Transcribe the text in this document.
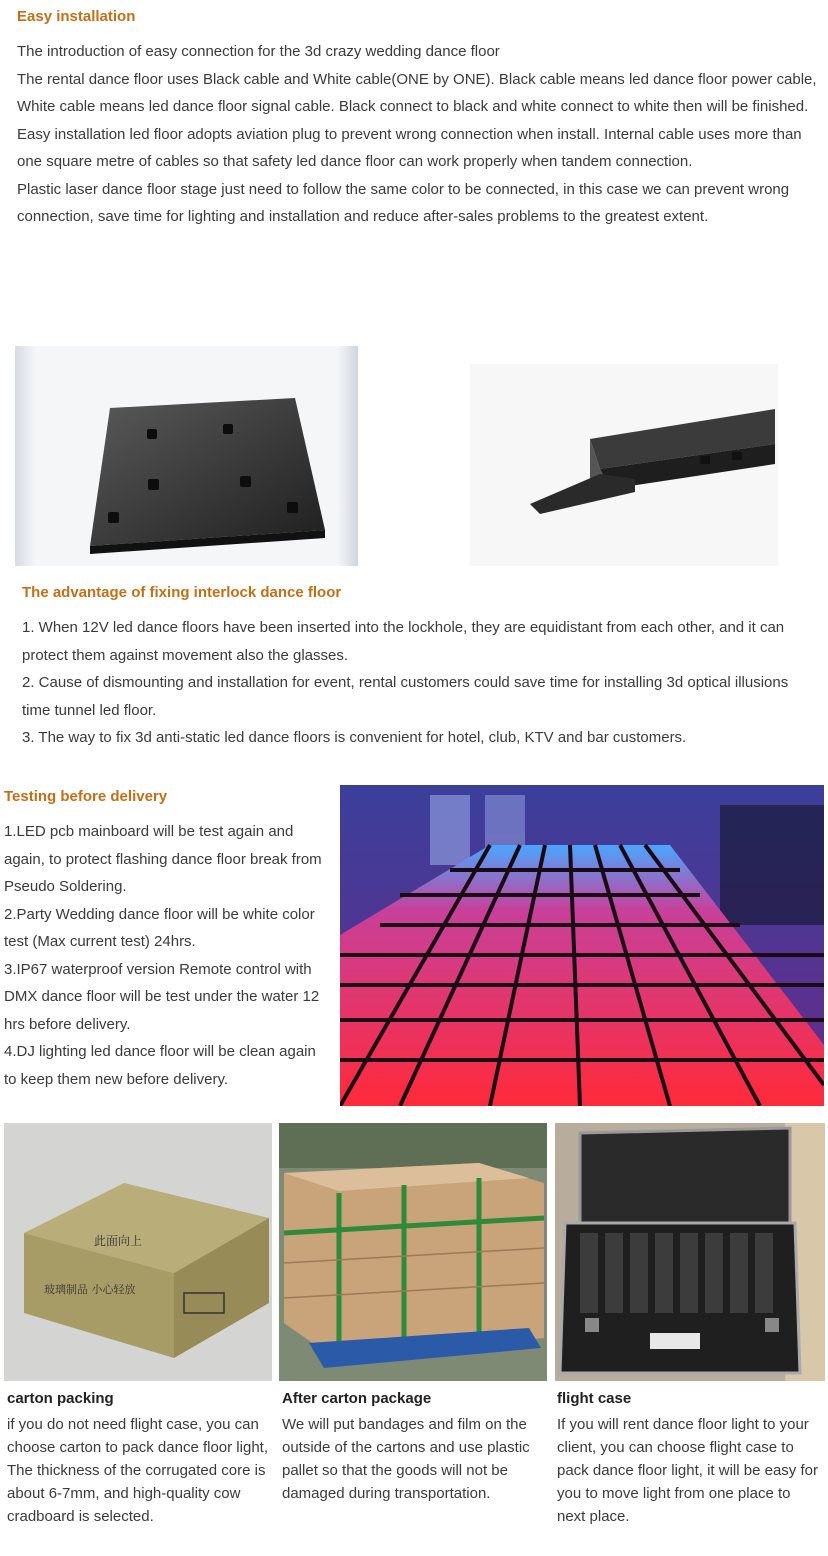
Easy installation

The introduction of easy connection for the 3d crazy wedding dance floor

The rental dance floor uses Black cable and White cable(ONE by ONE). Black cable means led dance floor power cable, White cable means led dance floor signal cable. Black connect to black and white connect to white then will be finished.

Easy installation led floor adopts aviation plug to prevent wrong connection when install. Internal cable uses more than one square metre of cables so that safety led dance floor can work properly when tandem connection.

Plastic laser dance floor stage just need to follow the same color to be connected, in this case we can prevent wrong connection, save time for lighting and installation and reduce after-sales problems to the greatest extent.

The advantage of fixing interlock dance floor

1. When 12V led dance floors have been inserted into the lockhole, they are equidistant from each other, and it can protect them against movement also the glasses.

2. Cause of dismounting and installation for event, rental customers could save time for installing 3d optical illusions time tunnel led floor.

3. The way to fix 3d anti-static led dance floors is convenient for hotel, club, KTV and bar customers.

Testing before delivery

1.LED pcb mainboard will be test again and again, to protect flashing dance floor break from Pseudo Soldering.

2.Party Wedding dance floor will be white color test (Max current test) 24hrs.

3.IP67 waterproof version Remote control with DMX dance floor will be test under the water 12 hrs before delivery.

4.DJ lighting led dance floor will be clean again to keep them new before delivery.

此面向上
玻璃制品 小心轻放
carton packing
if you do not need flight case, you can choose carton to pack dance floor light, The thickness of the corrugated core is about 6-7mm, and high-quality cow cradboard is selected.
After carton package
We will put bandages and film on the outside of the cartons and use plastic pallet so that the goods will not be damaged during transportation.
flight case
If you will rent dance floor light to your client, you can choose flight case to pack dance floor light, it will be easy for you to move light from one place to next place.
